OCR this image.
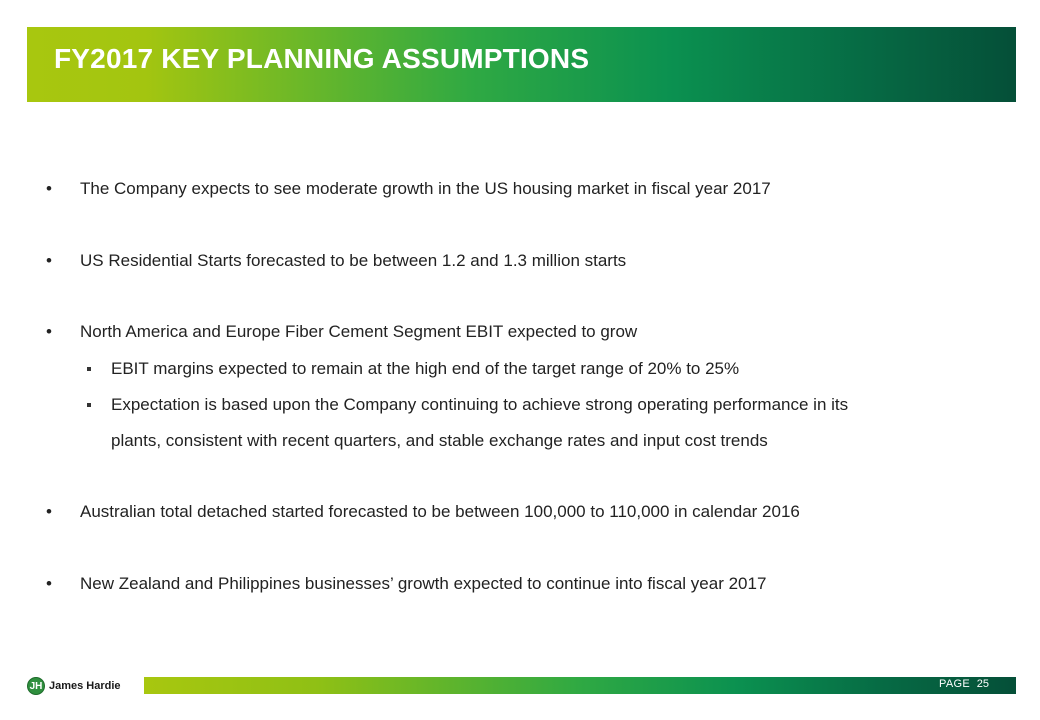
FY2017 KEY PLANNING ASSUMPTIONS
• The Company expects to see moderate growth in the US housing market in fiscal year 2017
• US Residential Starts forecasted to be between 1.2 and 1.3 million starts
• North America and Europe Fiber Cement Segment EBIT expected to grow
EBIT margins expected to remain at the high end of the target range of 20% to 25%
Expectation is based upon the Company continuing to achieve strong operating performance in its
plants, consistent with recent quarters, and stable exchange rates and input cost trends
• Australian total detached started forecasted to be between 100,000 to 110,000 in calendar 2016
• New Zealand and Philippines businesses’ growth expected to continue into fiscal year 2017
JH James Hardie	PAGE 25
